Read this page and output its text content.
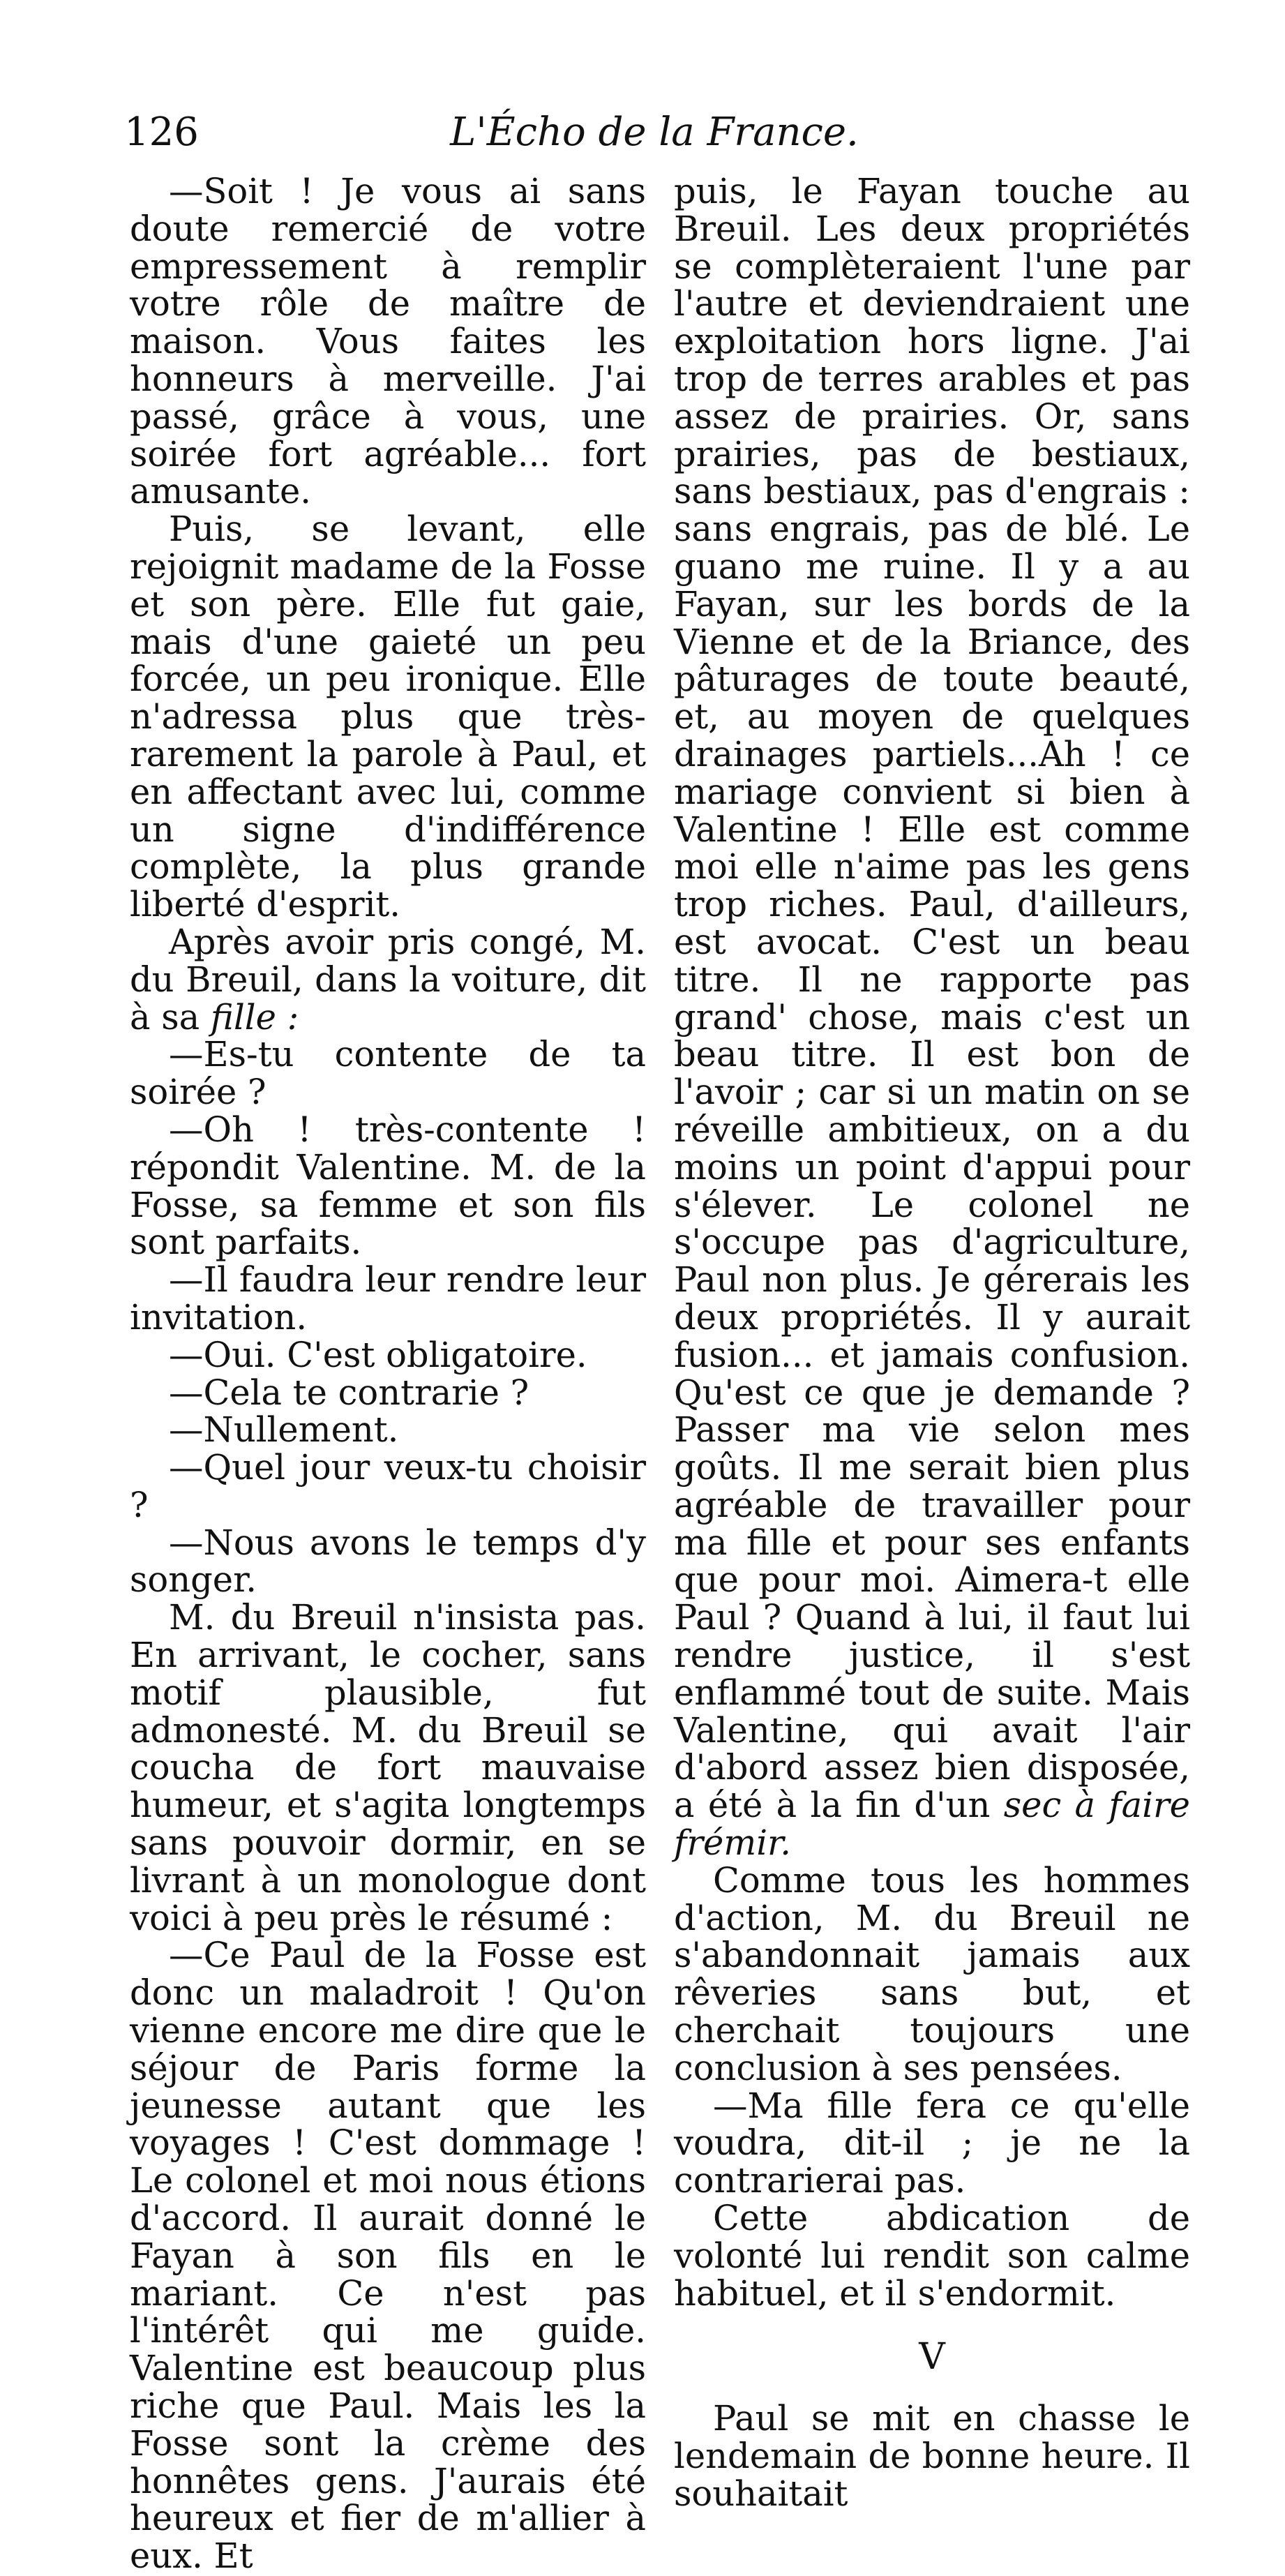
126	L'Écho de la France.

—Soit ! Je vous ai sans doute remercié de votre empressement à remplir votre rôle de maître de maison. Vous faites les honneurs à merveille. J'ai passé, grâce à vous, une soirée fort agréable... fort amusante.

Puis, se levant, elle rejoignit madame de la Fosse et son père. Elle fut gaie, mais d'une gaieté un peu forcée, un peu ironique. Elle n'adressa plus que très-rarement la parole à Paul, et en affectant avec lui, comme un signe d'indifférence complète, la plus grande liberté d'esprit.

Après avoir pris congé, M. du Breuil, dans la voiture, dit à sa fille :

—Es-tu contente de ta soirée ?

—Oh ! très-contente ! répondit Valentine. M. de la Fosse, sa femme et son fils sont parfaits.

—Il faudra leur rendre leur invitation.

—Oui. C'est obligatoire.

—Cela te contrarie ?

—Nullement.

—Quel jour veux-tu choisir ?

—Nous avons le temps d'y songer.

M. du Breuil n'insista pas. En arrivant, le cocher, sans motif plausible, fut admonesté. M. du Breuil se coucha de fort mauvaise humeur, et s'agita longtemps sans pouvoir dormir, en se livrant à un monologue dont voici à peu près le résumé :

—Ce Paul de la Fosse est donc un maladroit ! Qu'on vienne encore me dire que le séjour de Paris forme la jeunesse autant que les voyages ! C'est dommage ! Le colonel et moi nous étions d'accord. Il aurait donné le Fayan à son fils en le mariant. Ce n'est pas l'intérêt qui me guide. Valentine est beaucoup plus riche que Paul. Mais les la Fosse sont la crème des honnêtes gens. J'aurais été heureux et fier de m'allier à eux. Et

puis, le Fayan touche au Breuil. Les deux propriétés se complèteraient l'une par l'autre et deviendraient une exploitation hors ligne. J'ai trop de terres arables et pas assez de prairies. Or, sans prairies, pas de bestiaux, sans bestiaux, pas d'engrais : sans engrais, pas de blé. Le guano me ruine. Il y a au Fayan, sur les bords de la Vienne et de la Briance, des pâturages de toute beauté, et, au moyen de quelques drainages partiels...Ah ! ce mariage convient si bien à Valentine ! Elle est comme moi elle n'aime pas les gens trop riches. Paul, d'ailleurs, est avocat. C'est un beau titre. Il ne rapporte pas grand' chose, mais c'est un beau titre. Il est bon de l'avoir ; car si un matin on se réveille ambitieux, on a du moins un point d'appui pour s'élever. Le colonel ne s'occupe pas d'agriculture, Paul non plus. Je gérerais les deux propriétés. Il y aurait fusion... et jamais confusion. Qu'est ce que je demande ? Passer ma vie selon mes goûts. Il me serait bien plus agréable de travailler pour ma fille et pour ses enfants que pour moi. Aimera-t elle Paul ? Quand à lui, il faut lui rendre justice, il s'est enflammé tout de suite. Mais Valentine, qui avait l'air d'abord assez bien disposée, a été à la fin d'un sec à faire frémir.

Comme tous les hommes d'action, M. du Breuil ne s'abandonnait jamais aux rêveries sans but, et cherchait toujours une conclusion à ses pensées.

—Ma fille fera ce qu'elle voudra, dit-il ; je ne la contrarierai pas.

Cette abdication de volonté lui rendit son calme habituel, et il s'endormit.

V

Paul se mit en chasse le lendemain de bonne heure. Il souhaitait
